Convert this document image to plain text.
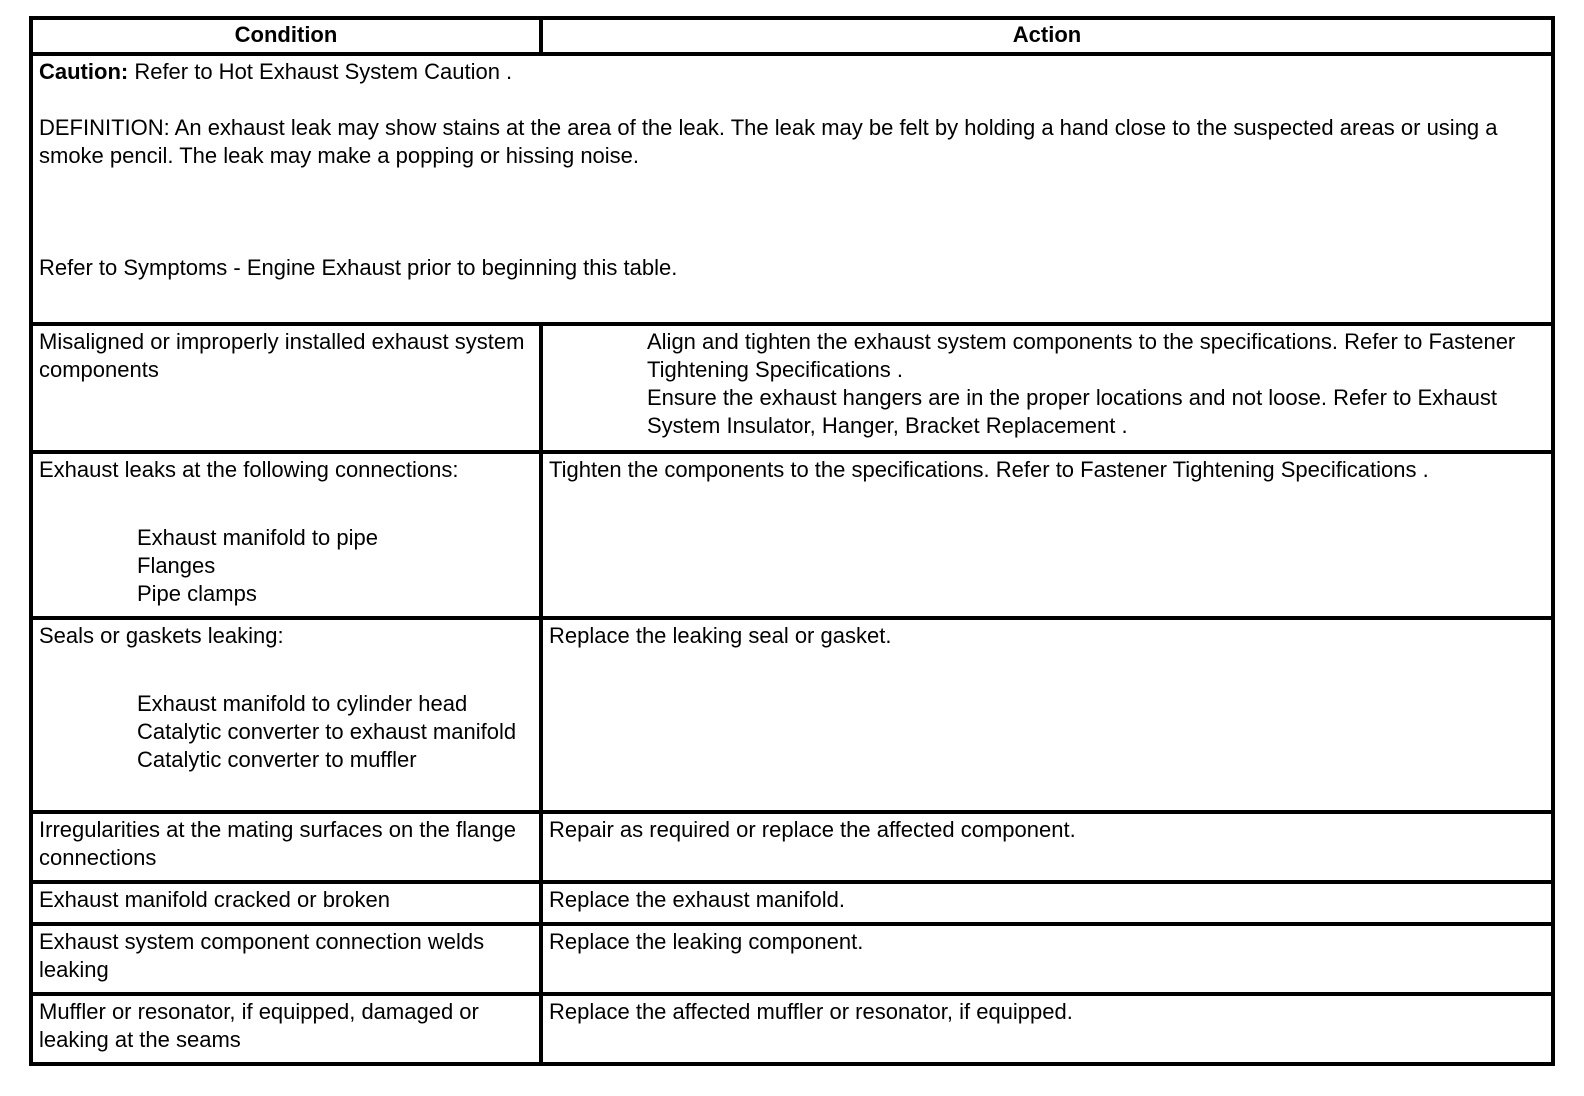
Condition	Action

Caution: Refer to Hot Exhaust System Caution .
DEFINITION: An exhaust leak may show stains at the area of the leak. The leak may be felt by holding a hand close to the suspected areas or using a smoke pencil. The leak may make a popping or hissing noise.
Refer to Symptoms - Engine Exhaust prior to beginning this table.	

Misaligned or improperly installed exhaust system components	Align and tighten the exhaust system components to the specifications. Refer to Fastener Tightening Specifications .
Ensure the exhaust hangers are in the proper locations and not loose. Refer to Exhaust System Insulator, Hanger, Bracket Replacement .

Exhaust leaks at the following connections:
Exhaust manifold to pipe
Flanges
Pipe clamps	Tighten the components to the specifications. Refer to Fastener Tightening Specifications .

Seals or gaskets leaking:
Exhaust manifold to cylinder head
Catalytic converter to exhaust manifold
Catalytic converter to muffler	Replace the leaking seal or gasket.
Irregularities at the mating surfaces on the flange connections	Repair as required or replace the affected component.
Exhaust manifold cracked or broken	Replace the exhaust manifold.
Exhaust system component connection welds leaking	Replace the leaking component.
Muffler or resonator, if equipped, damaged or leaking at the seams	Replace the affected muffler or resonator, if equipped.
